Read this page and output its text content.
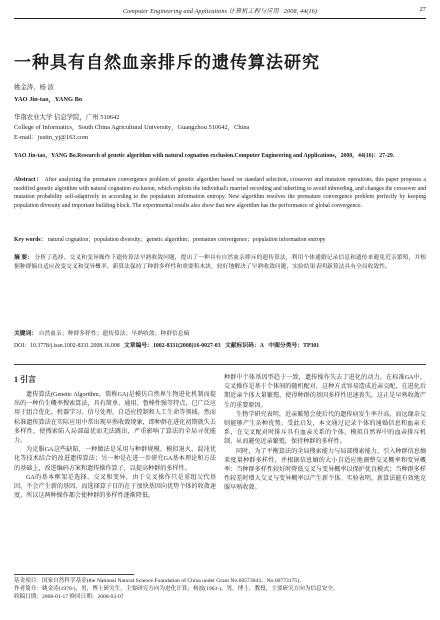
Computer Engineering and Applications 计算机工程与应用 2008, 44(16)	27
一种具有自然血亲排斥的遗传算法研究
姚金涛，杨 波
YAO Jin-tao，YANG Bo
华南农业大学 信息学院，广州 510642
College of Informatics，South China Agricultural University，Guangzhou 510642，China
E-mail：justin_yj@163.com
YAO Jin-tao，YANG Bo.Research of genetic algorithm with natural cognation exclusion.Computer Engineering and Applications，2008，44(16)：27-29.
Abstract： After analyzing the premature convergence problem of genetic algorithm based on standard selection, crossover and mutation operations, this paper proposes a modified genetic algorithm with natural cognation exclusion, which exploits the individual's married recording and inheriting to avoid inbreeding, and changes the crossover and mutation probability self-adaptively in according to the population information entropy. New algorithm resolves the premature convergence problem perfectly by keeping population diversity and important building block. The experimental results also show that new algorithm has the performance of global convergence.
Key words： natural cognation；population diversity；genetic algorithm；premature convergence；population information entropy
摘 要： 分析了选择、交叉和变异操作下遗传算法早熟收敛问题，提出了一种具有自然血亲排斥的遗传算法，利用个体通婚记录信息和遗传来避免近亲繁殖，并根据种群熵自适应改变交叉和变异概率。新算法保持了种群多样性和重要积木块，较好地解决了早熟收敛问题，实验结果表明新算法具有全局收敛性。
关键词： 自然血亲；种群多样性；遗传算法；早熟收敛；种群信息熵
DOI：10.3778/j.issn.1002-8331.2008.16.008 文章编号：1002-8331(2008)16-0027-03 文献标识码：A 中图分类号：TP301
1 引言

遗传算法(Genetic Algorithm，简称GA)是模仿自然界生物进化机制而提出的一种仿生概率搜索算法，具有简单、通用、鲁棒性强等特点，已广泛应用于组合优化、机器学习、信号处理、自适应控制和人工生命等领域。然而标准遗传算法在实际应用中常出现早熟收敛现象，即种群在进化初期就失去多样性，使搜索陷入局部最优而无法跳出，严重影响了算法的全局寻优能力。

为克服GA这些缺陷，一种做法是采用与种群规模、模拟退火、混沌优化等技术结合的改进遗传算法；另一种是在进一步研究GA基本理论和方法的基础上，改进编码方案和遗传操作算子，以提高种群的多样性。

GA的基本框架是选择、交叉和变异，由于交叉操作只是重组父代基因，不会产生新的基因，而选择算子目的在于加快基因向优势个体的收敛速度，所以这两种操作都会使种群的多样性逐渐降低。

种群中个体基因型趋于一致，遗传操作失去了进化的动力。在标准GA中，交叉操作是基于个体间的随机配对，这种方式容易造成近亲交配，在进化后期近亲个体大量繁殖，使得种群的基因多样性迅速丧失，这正是早熟收敛产生的重要原因。

生物学研究表明，近亲繁殖会使后代的遗传病发生率升高，而远缘杂交则能够产生杂种优势。受此启发，本文通过记录个体的通婚信息和血亲关系，在交叉配对时排斥具有血亲关系的个体，模拟自然界中的血亲排斥机制，从而避免近亲繁殖，保持种群的多样性。

同时，为了平衡算法的全局搜索能力与局部搜索能力，引入种群信息熵来度量种群多样性，并根据信息熵的大小自适应地调整交叉概率和变异概率：当种群多样性较好时降低交叉与变异概率以保护优良模式；当种群多样性较差时增大交叉与变异概率以产生新个体。实验表明，新算法能有效地克服早熟收敛。

基金项目：国家自然科学基金(the National Natural Science Foundation of China under Grant No.60573043，No.60773175)。
作者简介：姚金涛(1978-)，男，博士研究生，主要研究方向为进化计算；杨波(1963-)，男，博士，教授，主要研究方向为信息安全。
收稿日期：2008-01-17 修回日期：2008-03-07
